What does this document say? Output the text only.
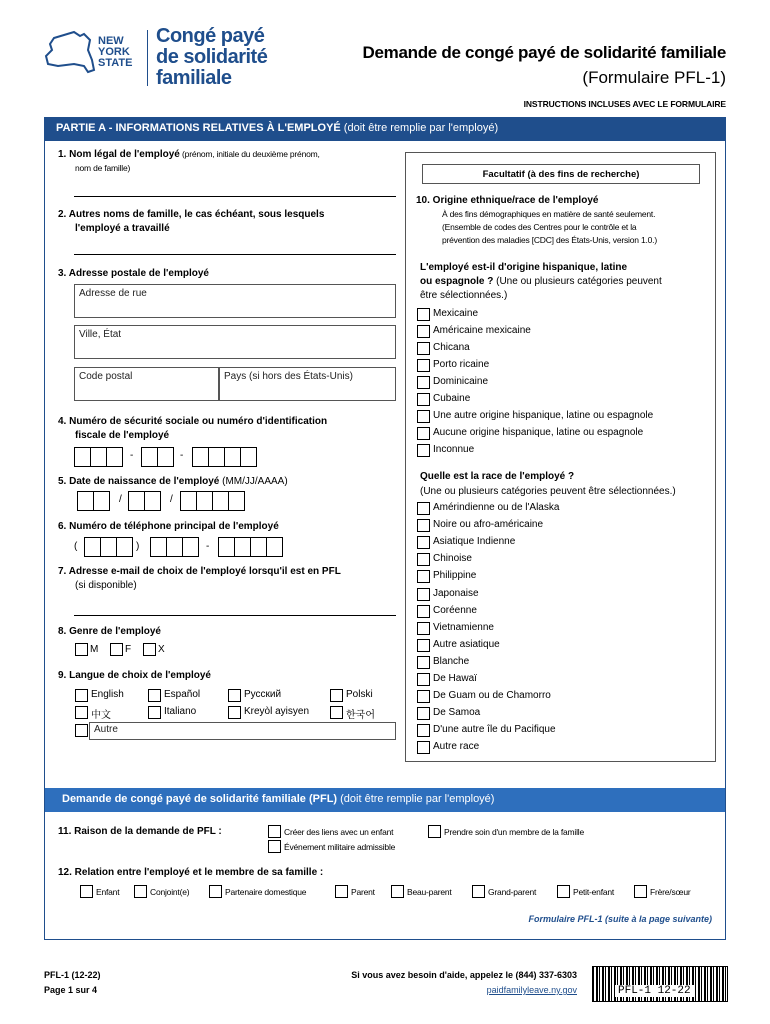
NEW
YORK
STATE
Congé payé
de solidarité
familiale
Demande de congé payé de solidarité familiale
(Formulaire PFL-1)
INSTRUCTIONS INCLUSES AVEC LE FORMULAIRE
PARTIE A - INFORMATIONS RELATIVES À L'EMPLOYÉ (doit être remplie par l'employé)
1. Nom légal de l'employé (prénom, initiale du deuxième prénom,
nom de famille)
2. Autres noms de famille, le cas échéant, sous lesquels
l'employé a travaillé
3. Adresse postale de l'employé
Adresse de rue
Ville, État
Code postal	Pays (si hors des États-Unis)
4. Numéro de sécurité sociale ou numéro d'identification
fiscale de l'employé
-	-
5. Date de naissance de l'employé (MM/JJ/AAAA)
/	/
6. Numéro de téléphone principal de l'employé
(	)	-
7. Adresse e-mail de choix de l'employé lorsqu'il est en PFL
(si disponible)
8. Genre de l'employé
M	F	X
9. Langue de choix de l'employé
English	Español	Русский	Polski
中文	Italiano	Kreyòl ayisyen	한국어
Autre
Facultatif (à des fins de recherche)
10. Origine ethnique/race de l'employé
À des fins démographiques en matière de santé seulement.
(Ensemble de codes des Centres pour le contrôle et la
prévention des maladies [CDC] des États-Unis, version 1.0.)
L'employé est-il d'origine hispanique, latine
ou espagnole ? (Une ou plusieurs catégories peuvent
être sélectionnées.)
Mexicaine
Américaine mexicaine
Chicana
Porto ricaine
Dominicaine
Cubaine
Une autre origine hispanique, latine ou espagnole
Aucune origine hispanique, latine ou espagnole
Inconnue
Quelle est la race de l'employé ?
(Une ou plusieurs catégories peuvent être sélectionnées.)
Amérindienne ou de l'Alaska
Noire ou afro-américaine
Asiatique Indienne
Chinoise
Philippine
Japonaise
Coréenne
Vietnamienne
Autre asiatique
Blanche
De Hawaï
De Guam ou de Chamorro
De Samoa
D'une autre île du Pacifique
Autre race
Demande de congé payé de solidarité familiale (PFL) (doit être remplie par l'employé)
11. Raison de la demande de PFL :	Créer des liens avec un enfant	Prendre soin d'un membre de la famille
Événement militaire admissible
12. Relation entre l'employé et le membre de sa famille :
Enfant	Conjoint(e)	Partenaire domestique	Parent	Beau-parent	Grand-parent	Petit-enfant	Frère/sœur
Formulaire PFL-1 (suite à la page suivante)
PFL-1 (12-22)
Page 1 sur 4
Si vous avez besoin d'aide, appelez le (844) 337-6303
paidfamilyleave.ny.gov	PFL-1 12-22
